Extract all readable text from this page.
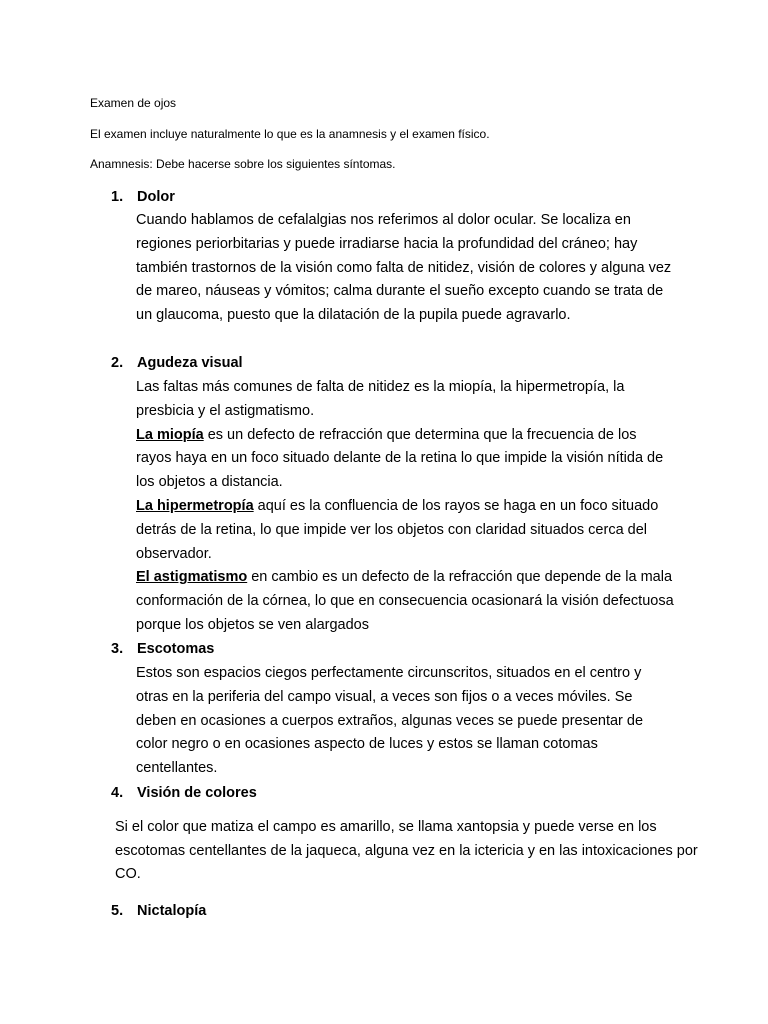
Examen de ojos
El examen incluye naturalmente lo que es la anamnesis y el examen físico.
Anamnesis: Debe hacerse sobre los siguientes síntomas.
1. Dolor

Cuando hablamos de cefalalgias nos referimos al dolor ocular. Se localiza en regiones periorbitarias y puede irradiarse hacia la profundidad del cráneo; hay también trastornos de la visión como falta de nitidez, visión de colores y alguna vez de mareo, náuseas y vómitos; calma durante el sueño excepto cuando se trata de un glaucoma, puesto que la dilatación de la pupila puede agravarlo.

2. Agudeza visual

Las faltas más comunes de falta de nitidez es la miopía, la hipermetropía, la presbicia y el astigmatismo.

La miopía es un defecto de refracción que determina que la frecuencia de los rayos haya en un foco situado delante de la retina lo que impide la visión nítida de los objetos a distancia.

La hipermetropía aquí es la confluencia de los rayos se haga en un foco situado detrás de la retina, lo que impide ver los objetos con claridad situados cerca del observador.

El astigmatismo en cambio es un defecto de la refracción que depende de la mala conformación de la córnea, lo que en consecuencia ocasionará la visión defectuosa porque los objetos se ven alargados

3. Escotomas

Estos son espacios ciegos perfectamente circunscritos, situados en el centro y otras en la periferia del campo visual, a veces son fijos o a veces móviles. Se deben en ocasiones a cuerpos extraños, algunas veces se puede presentar de color negro o en ocasiones aspecto de luces y estos se llaman cotomas centellantes.

4. Visión de colores

Si el color que matiza el campo es amarillo, se llama xantopsia y puede verse en los escotomas centellantes de la jaqueca, alguna vez en la ictericia y en las intoxicaciones por CO.

5. Nictalopía
